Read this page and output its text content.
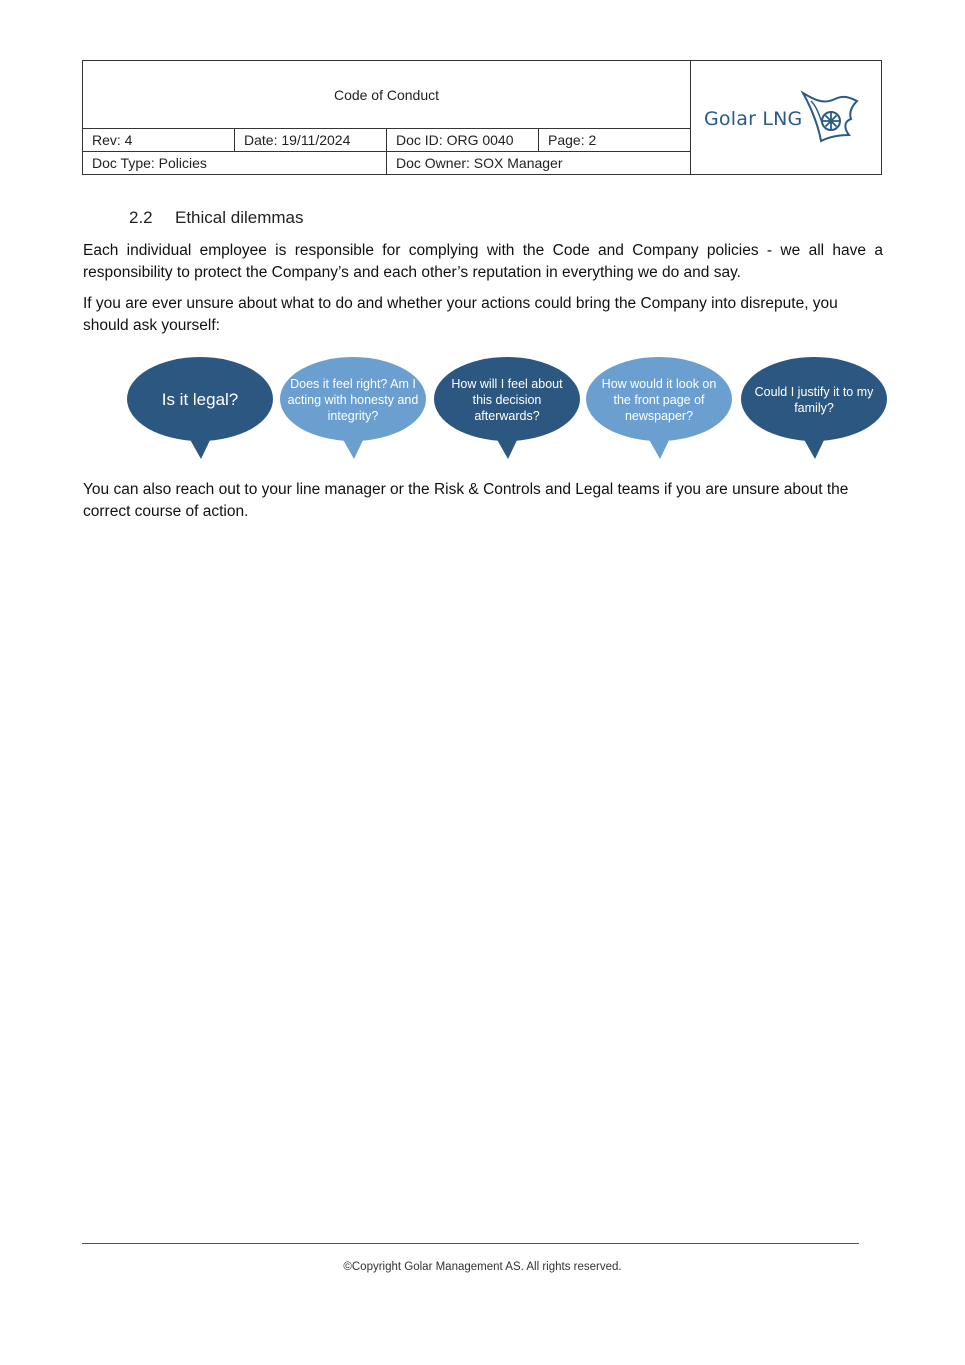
Code of Conduct
Rev: 4	Date: 19/11/2024	Doc ID: ORG 0040	Page: 2
Doc Type: Policies	Doc Owner: SOX Manager
Golar LNG
2.2 Ethical dilemmas

Each individual employee is responsible for complying with the Code and Company policies - we all have a responsibility to protect the Company’s and each other’s reputation in everything we do and say.

If you are ever unsure about what to do and whether your actions could bring the Company into disrepute, you should ask yourself:

Is it legal?
Does it feel right? Am I acting with honesty and integrity?
How will I feel about this decision afterwards?
How would it look on the front page of newspaper?
Could I justify it to my family?

You can also reach out to your line manager or the Risk & Controls and Legal teams if you are unsure about the correct course of action.

©Copyright Golar Management AS. All rights reserved.
